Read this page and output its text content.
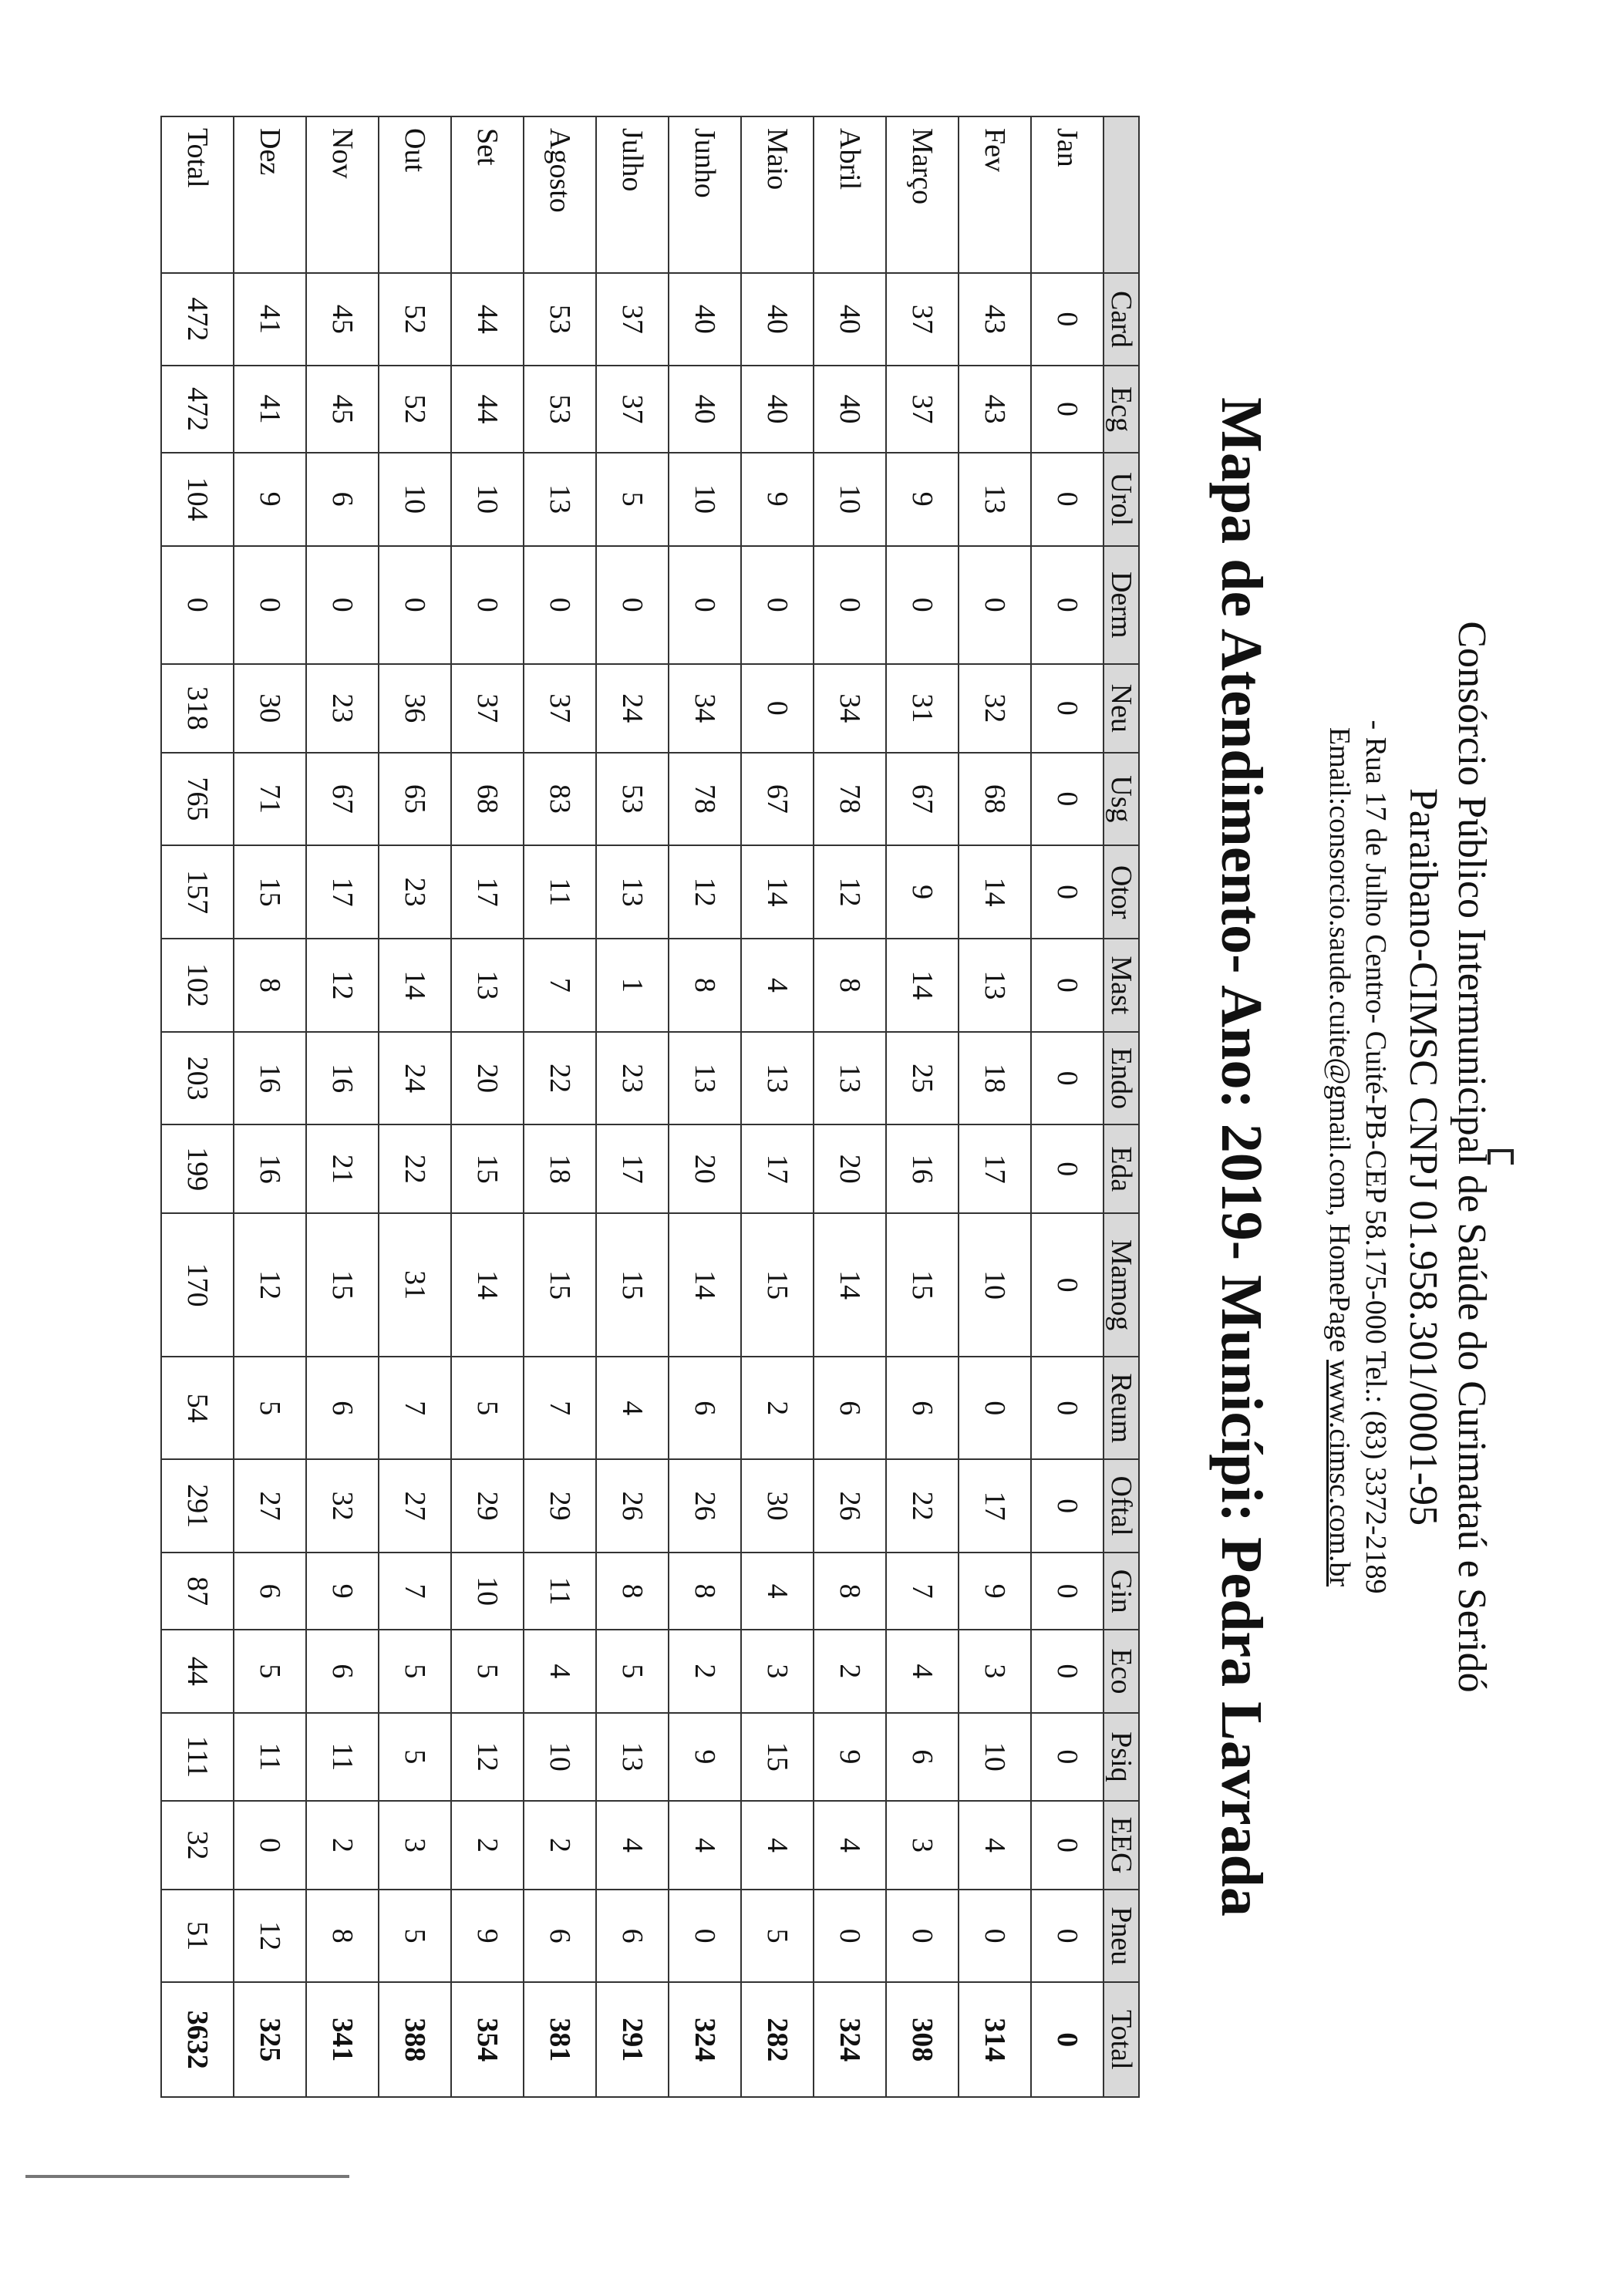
Consórcio Público Intermunicipal de Saúde do Curimataú e Seridó
Paraibano-CIMSC CNPJ 01.958.301/0001-95
- Rua 17 de Julho Centro- Cuité-PB-CEP 58.175-000 Tel.: (83) 3372-2189
Email:consorcio.saude.cuite@gmail.com, HomePage www.cimsc.com.br
Mapa de Atendimento- Ano: 2019- Municípi: Pedra Lavrada
	Card	Ecg	Urol	Derm	Neu	Usg	Otor	Mast	Endo	Eda	Mamog	Reum	Oftal	Gin	Eco	Psiq	EEG	Pneu	Total
Jan	0	0	0	0	0	0	0	0	0	0	0	0	0	0	0	0	0	0	0
Fev	43	43	13	0	32	68	14	13	18	17	10	0	17	9	3	10	4	0	314
Março	37	37	9	0	31	67	9	14	25	16	15	6	22	7	4	6	3	0	308
Abril	40	40	10	0	34	78	12	8	13	20	14	6	26	8	2	9	4	0	324
Maio	40	40	9	0	0	67	14	4	13	17	15	2	30	4	3	15	4	5	282
Junho	40	40	10	0	34	78	12	8	13	20	14	6	26	8	2	9	4	0	324
Julho	37	37	5	0	24	53	13	1	23	17	15	4	26	8	5	13	4	6	291
Agosto	53	53	13	0	37	83	11	7	22	18	15	7	29	11	4	10	2	6	381
Set	44	44	10	0	37	68	17	13	20	15	14	5	29	10	5	12	2	9	354
Out	52	52	10	0	36	65	23	14	24	22	31	7	27	7	5	5	3	5	388
Nov	45	45	6	0	23	67	17	12	16	21	15	6	32	9	6	11	2	8	341
Dez	41	41	9	0	30	71	15	8	16	16	12	5	27	6	5	11	0	12	325
Total	472	472	104	0	318	765	157	102	203	199	170	54	291	87	44	111	32	51	3632
